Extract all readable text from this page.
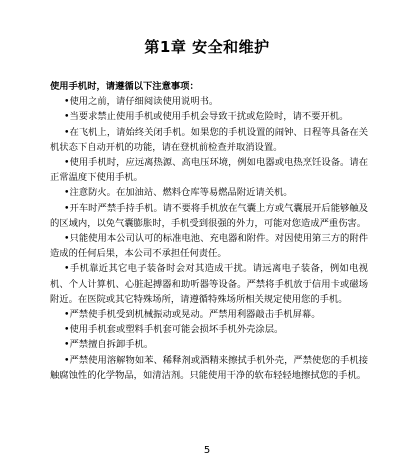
第1章 安全和维护

使用手机时，请遵循以下注意事项：

•使用之前，请仔细阅读使用说明书。
•当要求禁止使用手机或使用手机会导致干扰或危险时，请不要开机。
•在飞机上，请始终关闭手机。如果您的手机设置的闹钟、日程等具备在关机状态下自动开机的功能，请在登机前检查并取消设置。
•使用手机时，应远离热源、高电压环境，例如电器或电热烹饪设备。请在正常温度下使用手机。
•注意防火。在加油站、燃料仓库等易燃品附近请关机。
•开车时严禁手持手机。请不要将手机放在气囊上方或气囊展开后能够触及的区域内，以免气囊膨胀时，手机受到很强的外力，可能对您造成严重伤害。
•只能使用本公司认可的标准电池、充电器和附件。对因使用第三方的附件造成的任何后果，本公司不承担任何责任。
•手机靠近其它电子装备时会对其造成干扰。请远离电子装备，例如电视机、个人计算机、心脏起搏器和助听器等设备。严禁将手机放于信用卡或磁场附近。在医院或其它特殊场所，请遵循特殊场所相关规定使用您的手机。
•严禁使手机受到机械振动或晃动。严禁用利器敲击手机屏幕。
•使用手机套或塑料手机套可能会损坏手机外壳涂层。
•严禁擅自拆卸手机。
•严禁使用溶解物如苯、稀释剂或酒精来擦拭手机外壳，严禁使您的手机接触腐蚀性的化学物品，如清洁剂。只能使用干净的软布轻轻地擦拭您的手机。
5
